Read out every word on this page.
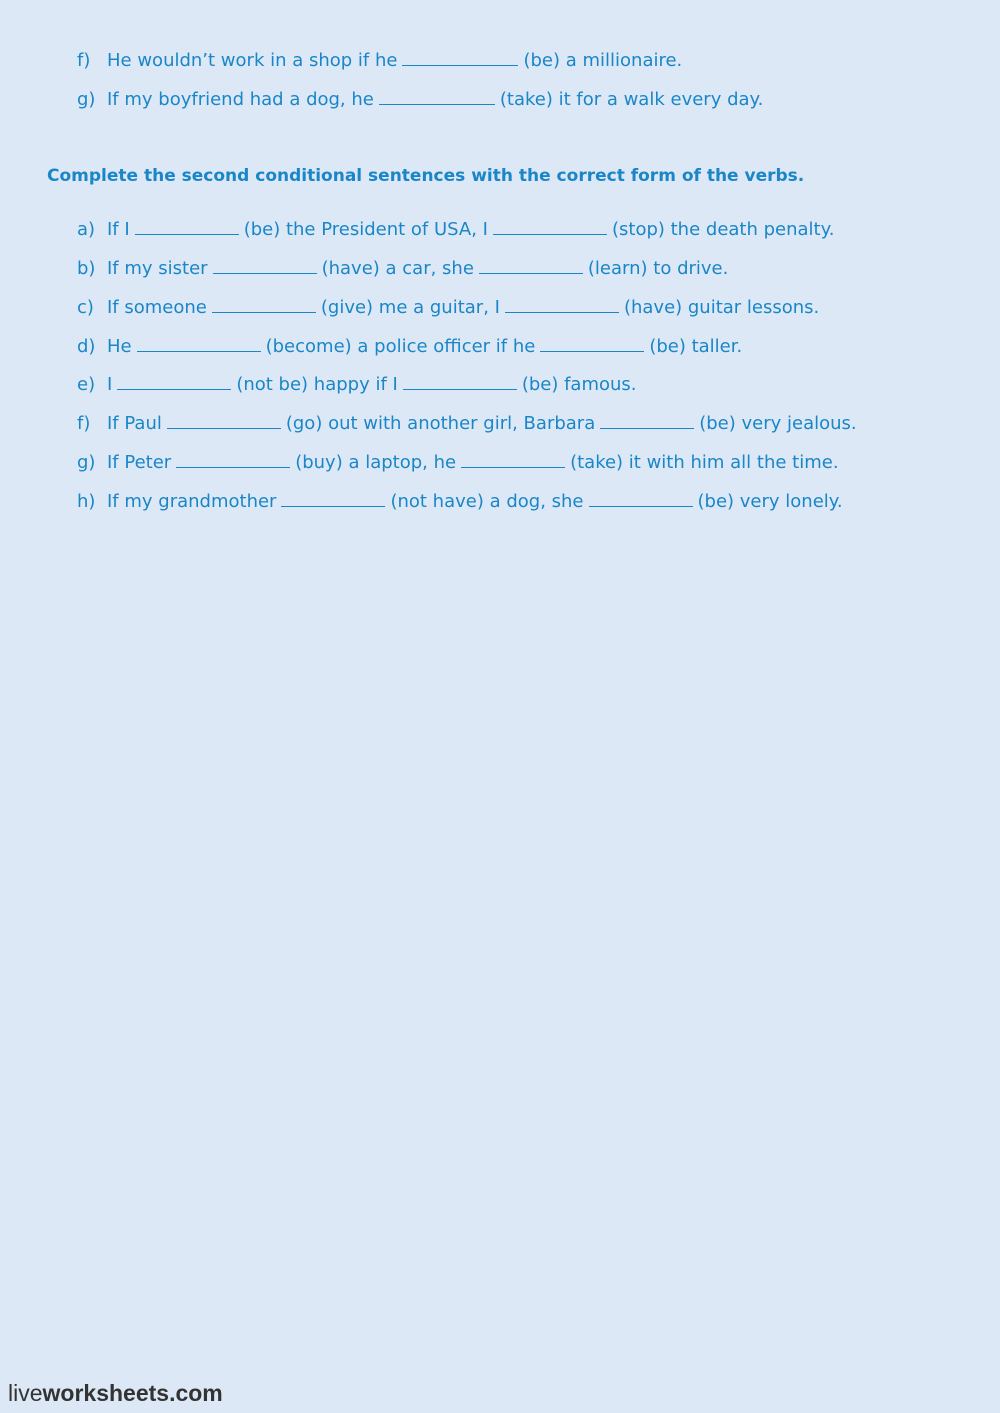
f) He wouldn’t work in a shop if he	(be) a millionaire.
g) If my boyfriend had a dog, he	(take) it for a walk every day.
Complete the second conditional sentences with the correct form of the verbs.
a) If I	(be) the President of USA, I	(stop) the death penalty.
b) If my sister	(have) a car, she	(learn) to drive.
c) If someone	(give) me a guitar, I	(have) guitar lessons.
d) He	(become) a police officer if he	(be) taller.
e) I	(not be) happy if I	(be) famous.
f) If Paul	(go) out with another girl, Barbara	(be) very jealous.
g) If Peter	(buy) a laptop, he	(take) it with him all the time.
h) If my grandmother	(not have) a dog, she	(be) very lonely.
liveworksheets.com
